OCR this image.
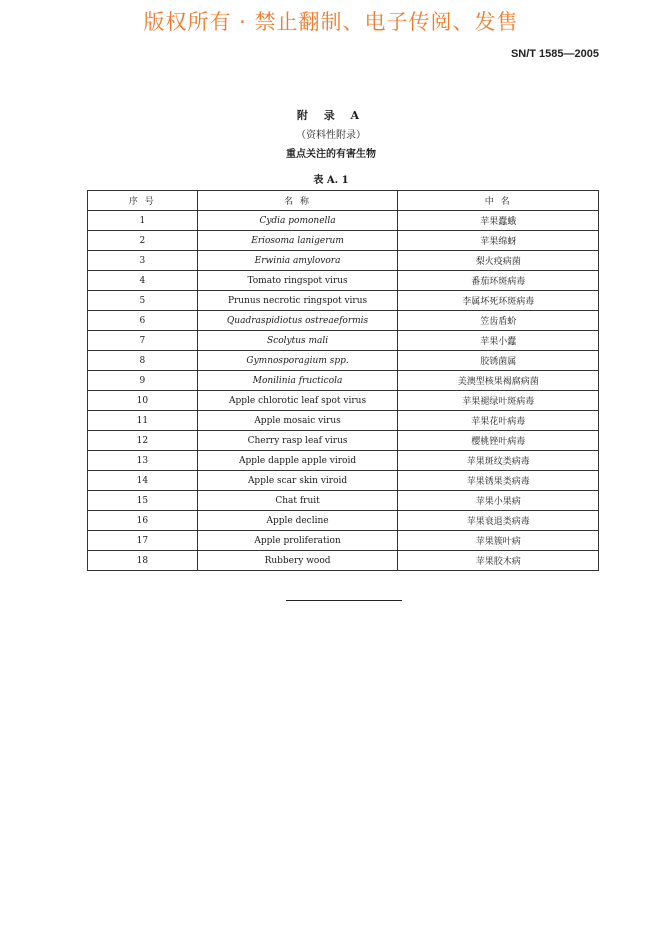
版权所有 · 禁止翻制、电子传阅、发售
SN/T 1585—2005
附 录 A
（资料性附录）
重点关注的有害生物
表 A. 1
序 号	名 称	中 名
1	Cydia pomonella	苹果蠹蛾
2	Eriosoma lanigerum	苹果绵蚜
3	Erwinia amylovora	梨火疫病菌
4	Tomato ringspot virus	番茄环斑病毒
5	Prunus necrotic ringspot virus	李属坏死环斑病毒
6	Quadraspidiotus ostreaeformis	笠齿盾蚧
7	Scolytus mali	苹果小蠹
8	Gymnosporagium spp.	胶锈菌属
9	Monilinia fructicola	美澳型核果褐腐病菌
10	Apple chlorotic leaf spot virus	苹果褪绿叶斑病毒
11	Apple mosaic virus	苹果花叶病毒
12	Cherry rasp leaf virus	樱桃锉叶病毒
13	Apple dapple apple viroid	苹果斑纹类病毒
14	Apple scar skin viroid	苹果锈果类病毒
15	Chat fruit	苹果小果病
16	Apple decline	苹果衰退类病毒
17	Apple proliferation	苹果簇叶病
18	Rubbery wood	苹果胶木病
